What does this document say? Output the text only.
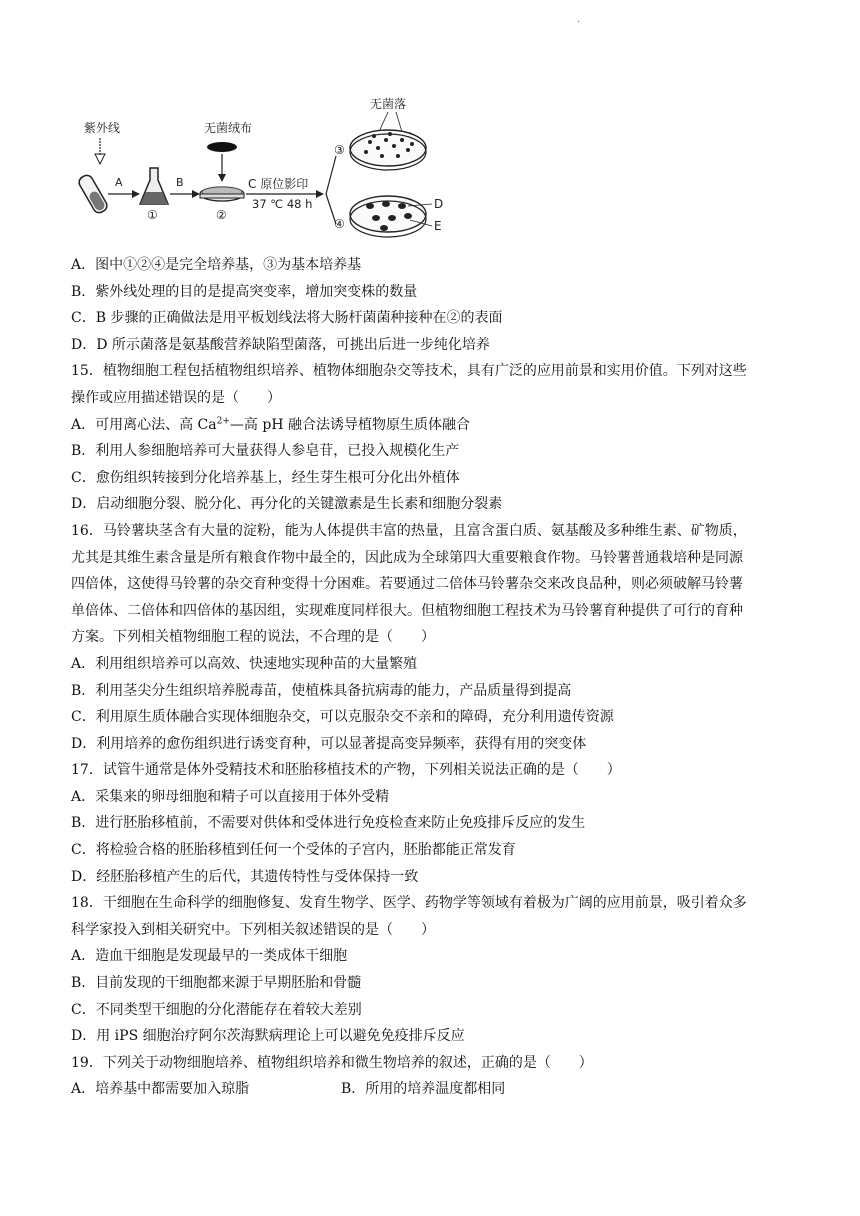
.
紫外线
A
①
B
无菌绒布
②
C 原位影印
37 ℃ 48 h
③
无菌落
④
D
E
A．图中①②④是完全培养基，③为基本培养基
B．紫外线处理的目的是提高突变率，增加突变株的数量
C．B 步骤的正确做法是用平板划线法将大肠杆菌菌种接种在②的表面
D．D 所示菌落是氨基酸营养缺陷型菌落，可挑出后进一步纯化培养
15．植物细胞工程包括植物组织培养、植物体细胞杂交等技术，具有广泛的应用前景和实用价值。下列对这些
操作或应用描述错误的是（　　）
A．可用离心法、高 $Ca^{2+}—$高 pH 融合法诱导植物原生质体融合
B．利用人参细胞培养可大量获得人参皂苷，已投入规模化生产
C．愈伤组织转接到分化培养基上，经生芽生根可分化出外植体
D．启动细胞分裂、脱分化、再分化的关键激素是生长素和细胞分裂素
16．马铃薯块茎含有大量的淀粉，能为人体提供丰富的热量，且富含蛋白质、氨基酸及多种维生素、矿物质，
尤其是其维生素含量是所有粮食作物中最全的，因此成为全球第四大重要粮食作物。马铃薯普通栽培种是同源
四倍体，这使得马铃薯的杂交育种变得十分困难。若要通过二倍体马铃薯杂交来改良品种，则必须破解马铃薯
单倍体、二倍体和四倍体的基因组，实现难度同样很大。但植物细胞工程技术为马铃薯育种提供了可行的育种
方案。下列相关植物细胞工程的说法，不合理的是（　　）
A．利用组织培养可以高效、快速地实现种苗的大量繁殖
B．利用茎尖分生组织培养脱毒苗，使植株具备抗病毒的能力，产品质量得到提高
C．利用原生质体融合实现体细胞杂交，可以克服杂交不亲和的障碍，充分利用遗传资源
D．利用培养的愈伤组织进行诱变育种，可以显著提高变异频率，获得有用的突变体
17．试管牛通常是体外受精技术和胚胎移植技术的产物，下列相关说法正确的是（　　）
A．采集来的卵母细胞和精子可以直接用于体外受精
B．进行胚胎移植前，不需要对供体和受体进行免疫检查来防止免疫排斥反应的发生
C．将检验合格的胚胎移植到任何一个受体的子宫内，胚胎都能正常发育
D．经胚胎移植产生的后代，其遗传特性与受体保持一致
18．干细胞在生命科学的细胞修复、发育生物学、医学、药物学等领域有着极为广阔的应用前景，吸引着众多
科学家投入到相关研究中。下列相关叙述错误的是（　　）
A．造血干细胞是发现最早的一类成体干细胞
B．目前发现的干细胞都来源于早期胚胎和骨髓
C．不同类型干细胞的分化潜能存在着较大差别
D．用 iPS 细胞治疗阿尔茨海默病理论上可以避免免疫排斥反应
19．下列关于动物细胞培养、植物组织培养和微生物培养的叙述，正确的是（　　）
A．培养基中都需要加入琼脂	B．所用的培养温度都相同
